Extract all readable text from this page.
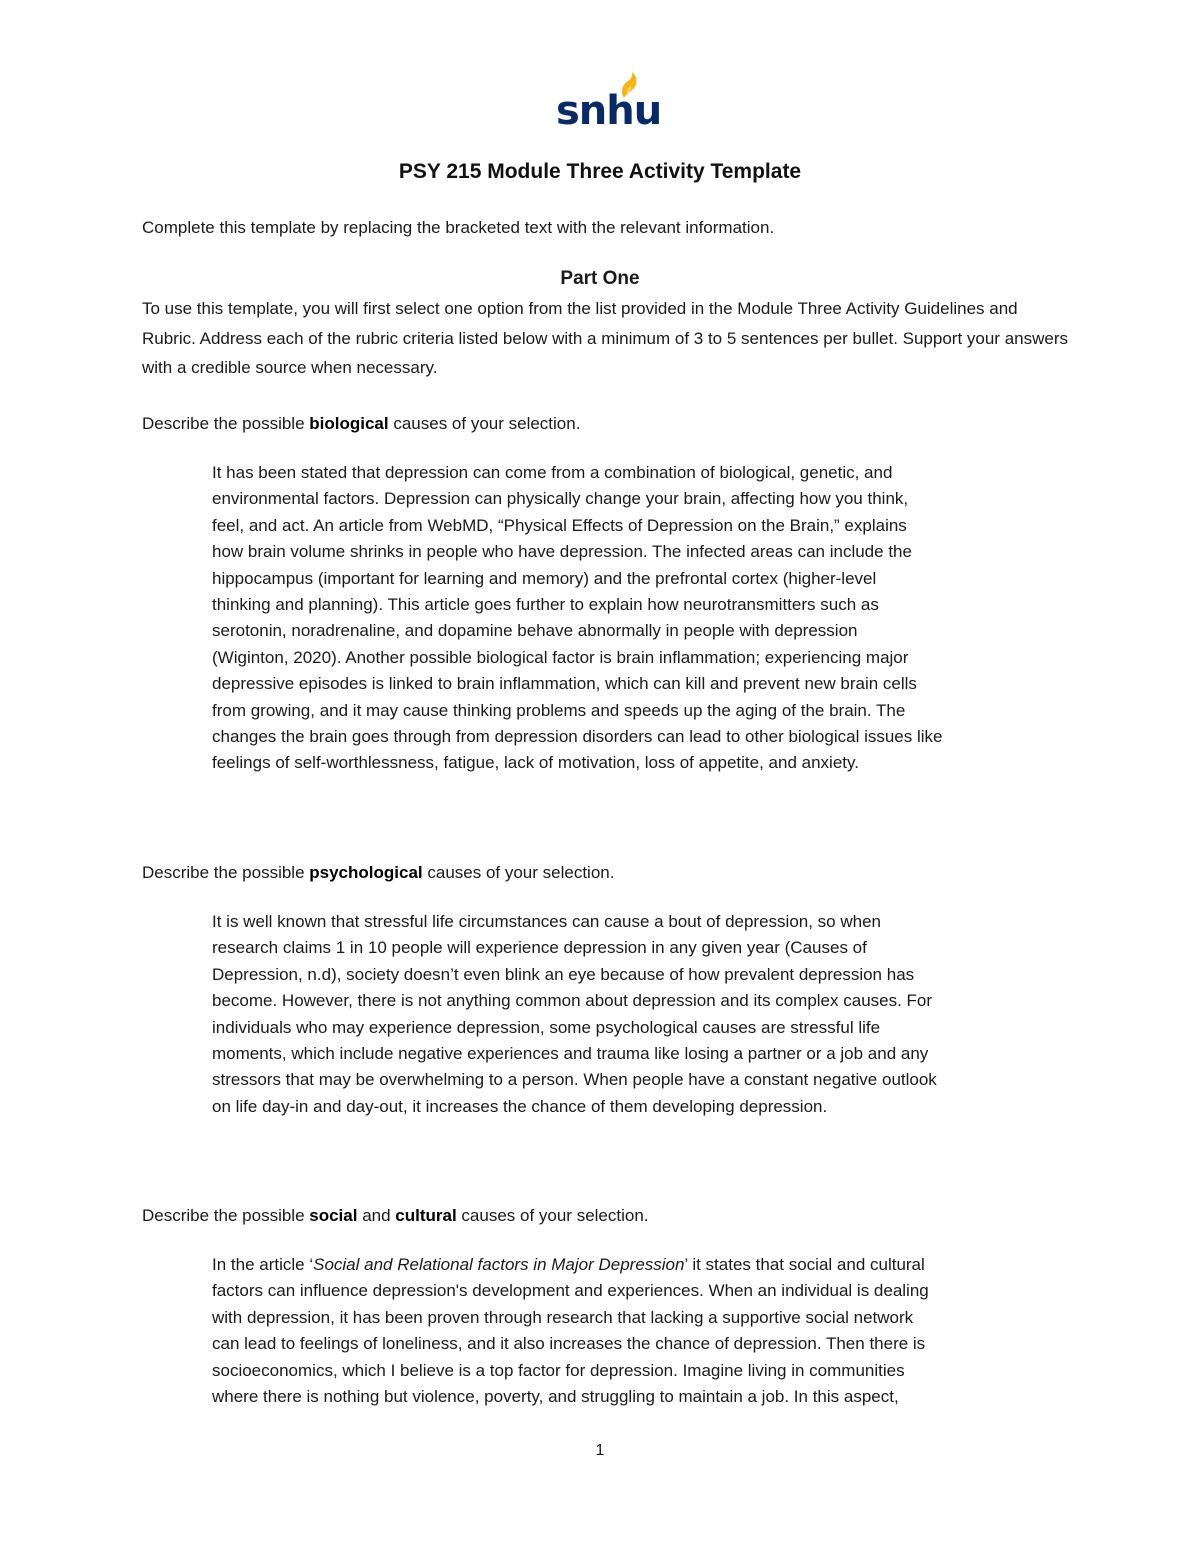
snhu
PSY 215 Module Three Activity Template
Complete this template by replacing the bracketed text with the relevant information.
Part One
To use this template, you will first select one option from the list provided in the Module Three Activity Guidelines and Rubric. Address each of the rubric criteria listed below with a minimum of 3 to 5 sentences per bullet. Support your answers with a credible source when necessary.
Describe the possible biological causes of your selection.
It has been stated that depression can come from a combination of biological, genetic, and
environmental factors. Depression can physically change your brain, affecting how you think,
feel, and act. An article from WebMD, “Physical Effects of Depression on the Brain,” explains
how brain volume shrinks in people who have depression. The infected areas can include the
hippocampus (important for learning and memory) and the prefrontal cortex (higher-level
thinking and planning). This article goes further to explain how neurotransmitters such as
serotonin, noradrenaline, and dopamine behave abnormally in people with depression
(Wiginton, 2020). Another possible biological factor is brain inflammation; experiencing major
depressive episodes is linked to brain inflammation, which can kill and prevent new brain cells
from growing, and it may cause thinking problems and speeds up the aging of the brain. The
changes the brain goes through from depression disorders can lead to other biological issues like
feelings of self-worthlessness, fatigue, lack of motivation, loss of appetite, and anxiety.
Describe the possible psychological causes of your selection.
It is well known that stressful life circumstances can cause a bout of depression, so when
research claims 1 in 10 people will experience depression in any given year (Causes of
Depression, n.d), society doesn’t even blink an eye because of how prevalent depression has
become. However, there is not anything common about depression and its complex causes. For
individuals who may experience depression, some psychological causes are stressful life
moments, which include negative experiences and trauma like losing a partner or a job and any
stressors that may be overwhelming to a person. When people have a constant negative outlook
on life day-in and day-out, it increases the chance of them developing depression.
Describe the possible social and cultural causes of your selection.
In the article ‘Social and Relational factors in Major Depression’ it states that social and cultural
factors can influence depression's development and experiences. When an individual is dealing
with depression, it has been proven through research that lacking a supportive social network
can lead to feelings of loneliness, and it also increases the chance of depression. Then there is
socioeconomics, which I believe is a top factor for depression. Imagine living in communities
where there is nothing but violence, poverty, and struggling to maintain a job. In this aspect,
1
